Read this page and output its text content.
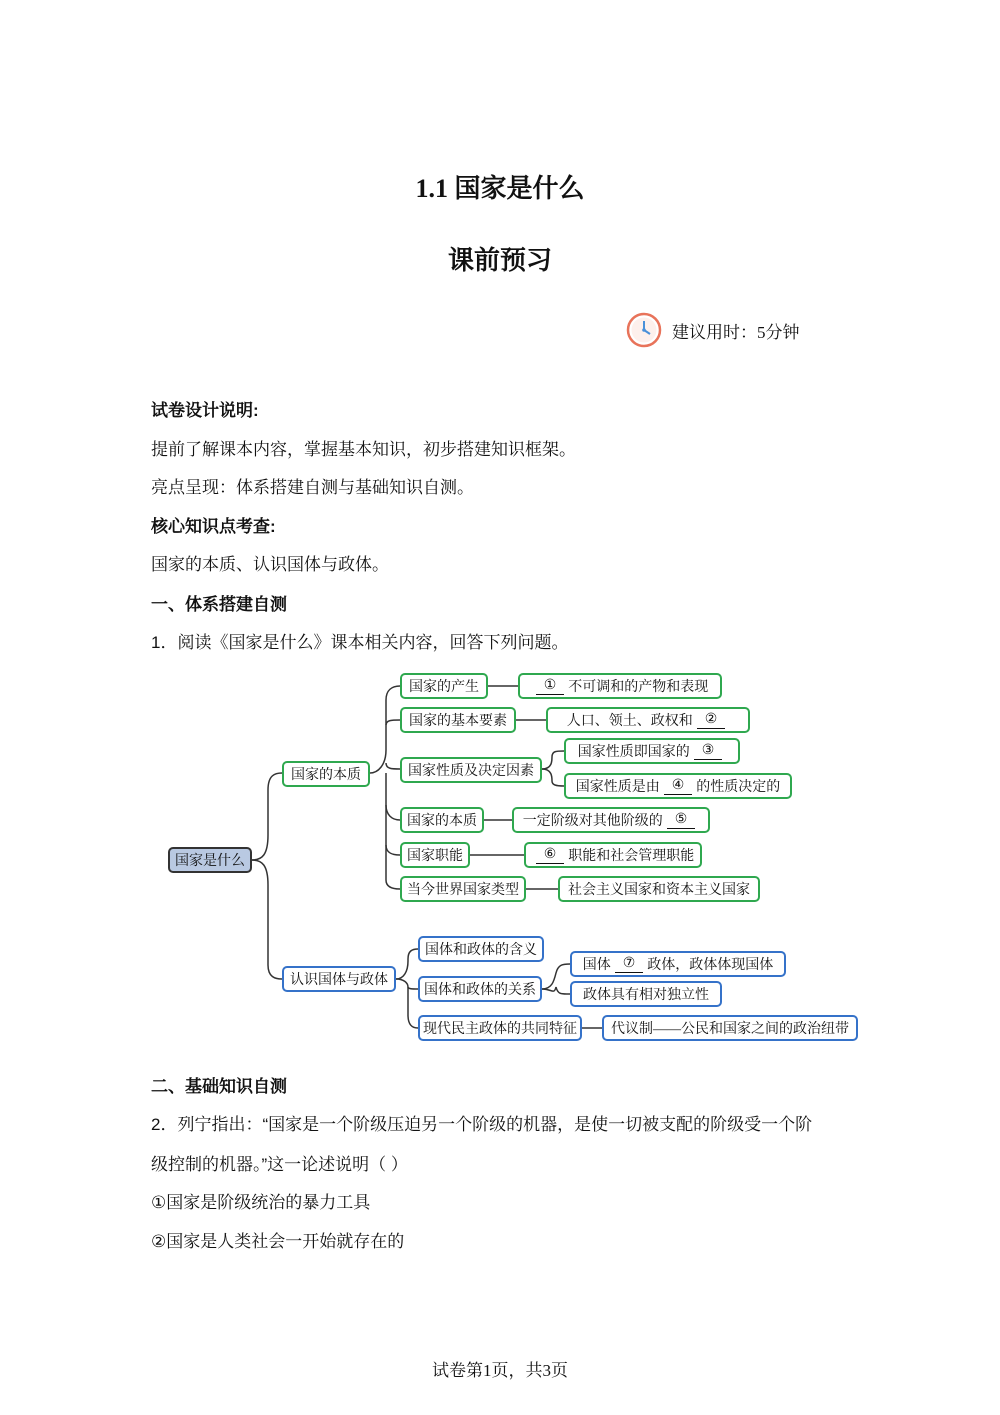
1.1 国家是什么
课前预习
建议用时：5分钟
试卷设计说明:
提前了解课本内容，掌握基本知识，初步搭建知识框架。
亮点呈现：体系搭建自测与基础知识自测。
核心知识点考查:
国家的本质、认识国体与政体。
一、体系搭建自测
1．阅读《国家是什么》课本相关内容，回答下列问题。
国家是什么
国家的本质
认识国体与政体
国家的产生	① 不可调和的产物和表现
国家的基本要素	人口、领土、政权和 ②
国家性质及决定因素
国家性质即国家的 ③
国家性质是由 ④ 的性质决定的
国家的本质	一定阶级对其他阶级的 ⑤
国家职能	⑥ 职能和社会管理职能
当今世界国家类型	社会主义国家和资本主义国家
国体和政体的含义
国体和政体的关系
国体 ⑦ 政体，政体体现国体
政体具有相对独立性
现代民主政体的共同特征	代议制——公民和国家之间的政治纽带
二、基础知识自测
2．列宁指出：“国家是一个阶级压迫另一个阶级的机器，是使一切被支配的阶级受一个阶
级控制的机器。”这一论述说明（ ）
①国家是阶级统治的暴力工具
②国家是人类社会一开始就存在的
试卷第1页，共3页
